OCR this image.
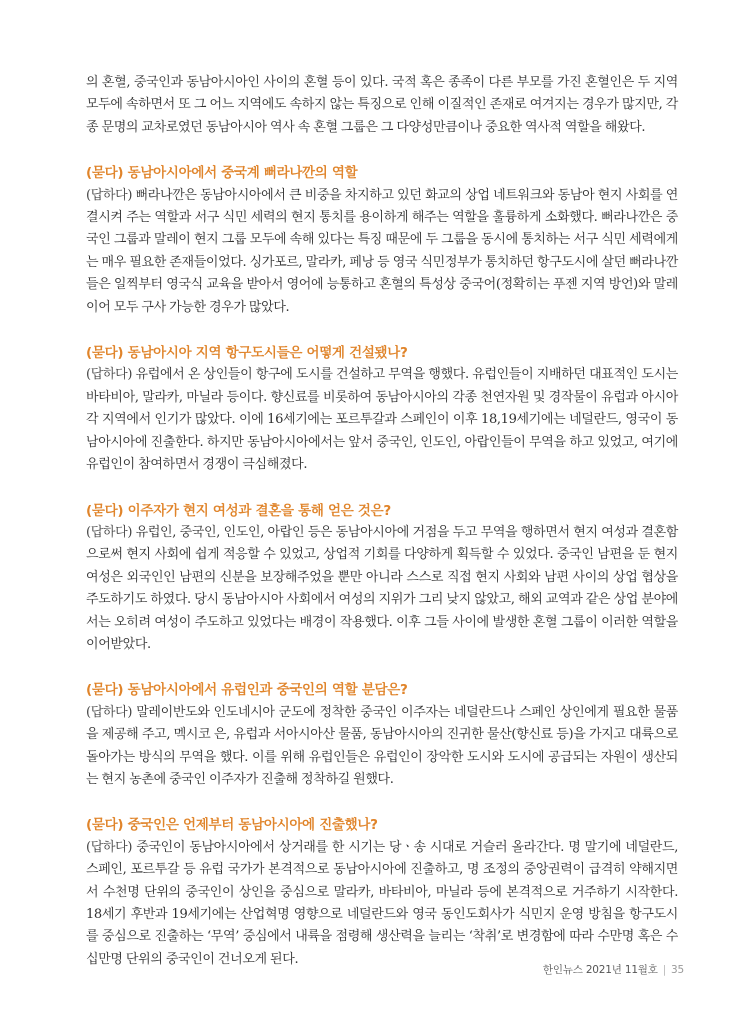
의 혼혈, 중국인과 동남아시아인 사이의 혼혈 등이 있다. 국적 혹은 종족이 다른 부모를 가진 혼혈인은 두 지역 모두에 속하면서 또 그 어느 지역에도 속하지 않는 특징으로 인해 이질적인 존재로 여겨지는 경우가 많지만, 각종 문명의 교차로였던 동남아시아 역사 속 혼혈 그룹은 그 다양성만큼이나 중요한 역사적 역할을 해왔다.

(묻다) 동남아시아에서 중국계 뻐라나깐의 역할

(답하다) 뻐라나깐은 동남아시아에서 큰 비중을 차지하고 있던 화교의 상업 네트워크와 동남아 현지 사회를 연결시켜 주는 역할과 서구 식민 세력의 현지 통치를 용이하게 해주는 역할을 훌륭하게 소화했다. 뻐라나깐은 중국인 그룹과 말레이 현지 그룹 모두에 속해 있다는 특징 때문에 두 그룹을 동시에 통치하는 서구 식민 세력에게는 매우 필요한 존재들이었다. 싱가포르, 말라카, 페낭 등 영국 식민정부가 통치하던 항구도시에 살던 뻐라나깐들은 일찍부터 영국식 교육을 받아서 영어에 능통하고 혼혈의 특성상 중국어(정확히는 푸젠 지역 방언)와 말레이어 모두 구사 가능한 경우가 많았다.

(묻다) 동남아시아 지역 항구도시들은 어떻게 건설됐나?

(답하다) 유럽에서 온 상인들이 항구에 도시를 건설하고 무역을 행했다. 유럽인들이 지배하던 대표적인 도시는 바타비아, 말라카, 마닐라 등이다. 향신료를 비롯하여 동남아시아의 각종 천연자원 및 경작물이 유럽과 아시아 각 지역에서 인기가 많았다. 이에 16세기에는 포르투갈과 스페인이 이후 18,19세기에는 네덜란드, 영국이 동남아시아에 진출한다. 하지만 동남아시아에서는 앞서 중국인, 인도인, 아랍인들이 무역을 하고 있었고, 여기에 유럽인이 참여하면서 경쟁이 극심해졌다.

(묻다) 이주자가 현지 여성과 결혼을 통해 얻은 것은?

(답하다) 유럽인, 중국인, 인도인, 아랍인 등은 동남아시아에 거점을 두고 무역을 행하면서 현지 여성과 결혼함으로써 현지 사회에 쉽게 적응할 수 있었고, 상업적 기회를 다양하게 획득할 수 있었다. 중국인 남편을 둔 현지 여성은 외국인인 남편의 신분을 보장해주었을 뿐만 아니라 스스로 직접 현지 사회와 남편 사이의 상업 협상을 주도하기도 하였다. 당시 동남아시아 사회에서 여성의 지위가 그리 낮지 않았고, 해외 교역과 같은 상업 분야에서는 오히려 여성이 주도하고 있었다는 배경이 작용했다. 이후 그들 사이에 발생한 혼혈 그룹이 이러한 역할을 이어받았다.

(묻다) 동남아시아에서 유럽인과 중국인의 역할 분담은?

(답하다) 말레이반도와 인도네시아 군도에 정착한 중국인 이주자는 네덜란드나 스페인 상인에게 필요한 물품을 제공해 주고, 멕시코 은, 유럽과 서아시아산 물품, 동남아시아의 진귀한 물산(향신료 등)을 가지고 대륙으로 돌아가는 방식의 무역을 했다. 이를 위해 유럽인들은 유럽인이 장악한 도시와 도시에 공급되는 자원이 생산되는 현지 농촌에 중국인 이주자가 진출해 정착하길 원했다.

(묻다) 중국인은 언제부터 동남아시아에 진출했나?

(답하다) 중국인이 동남아시아에서 상거래를 한 시기는 당ㆍ송 시대로 거슬러 올라간다. 명 말기에 네덜란드, 스페인, 포르투갈 등 유럽 국가가 본격적으로 동남아시아에 진출하고, 명 조정의 중앙권력이 급격히 약해지면서 수천명 단위의 중국인이 상인을 중심으로 말라카, 바타비아, 마닐라 등에 본격적으로 거주하기 시작한다. 18세기 후반과 19세기에는 산업혁명 영향으로 네덜란드와 영국 동인도회사가 식민지 운영 방침을 항구도시를 중심으로 진출하는 ‘무역’ 중심에서 내륙을 점령해 생산력을 늘리는 ‘착취’로 변경함에 따라 수만명 혹은 수십만명 단위의 중국인이 건너오게 된다.

한인뉴스 2021년 11월호 | 35
